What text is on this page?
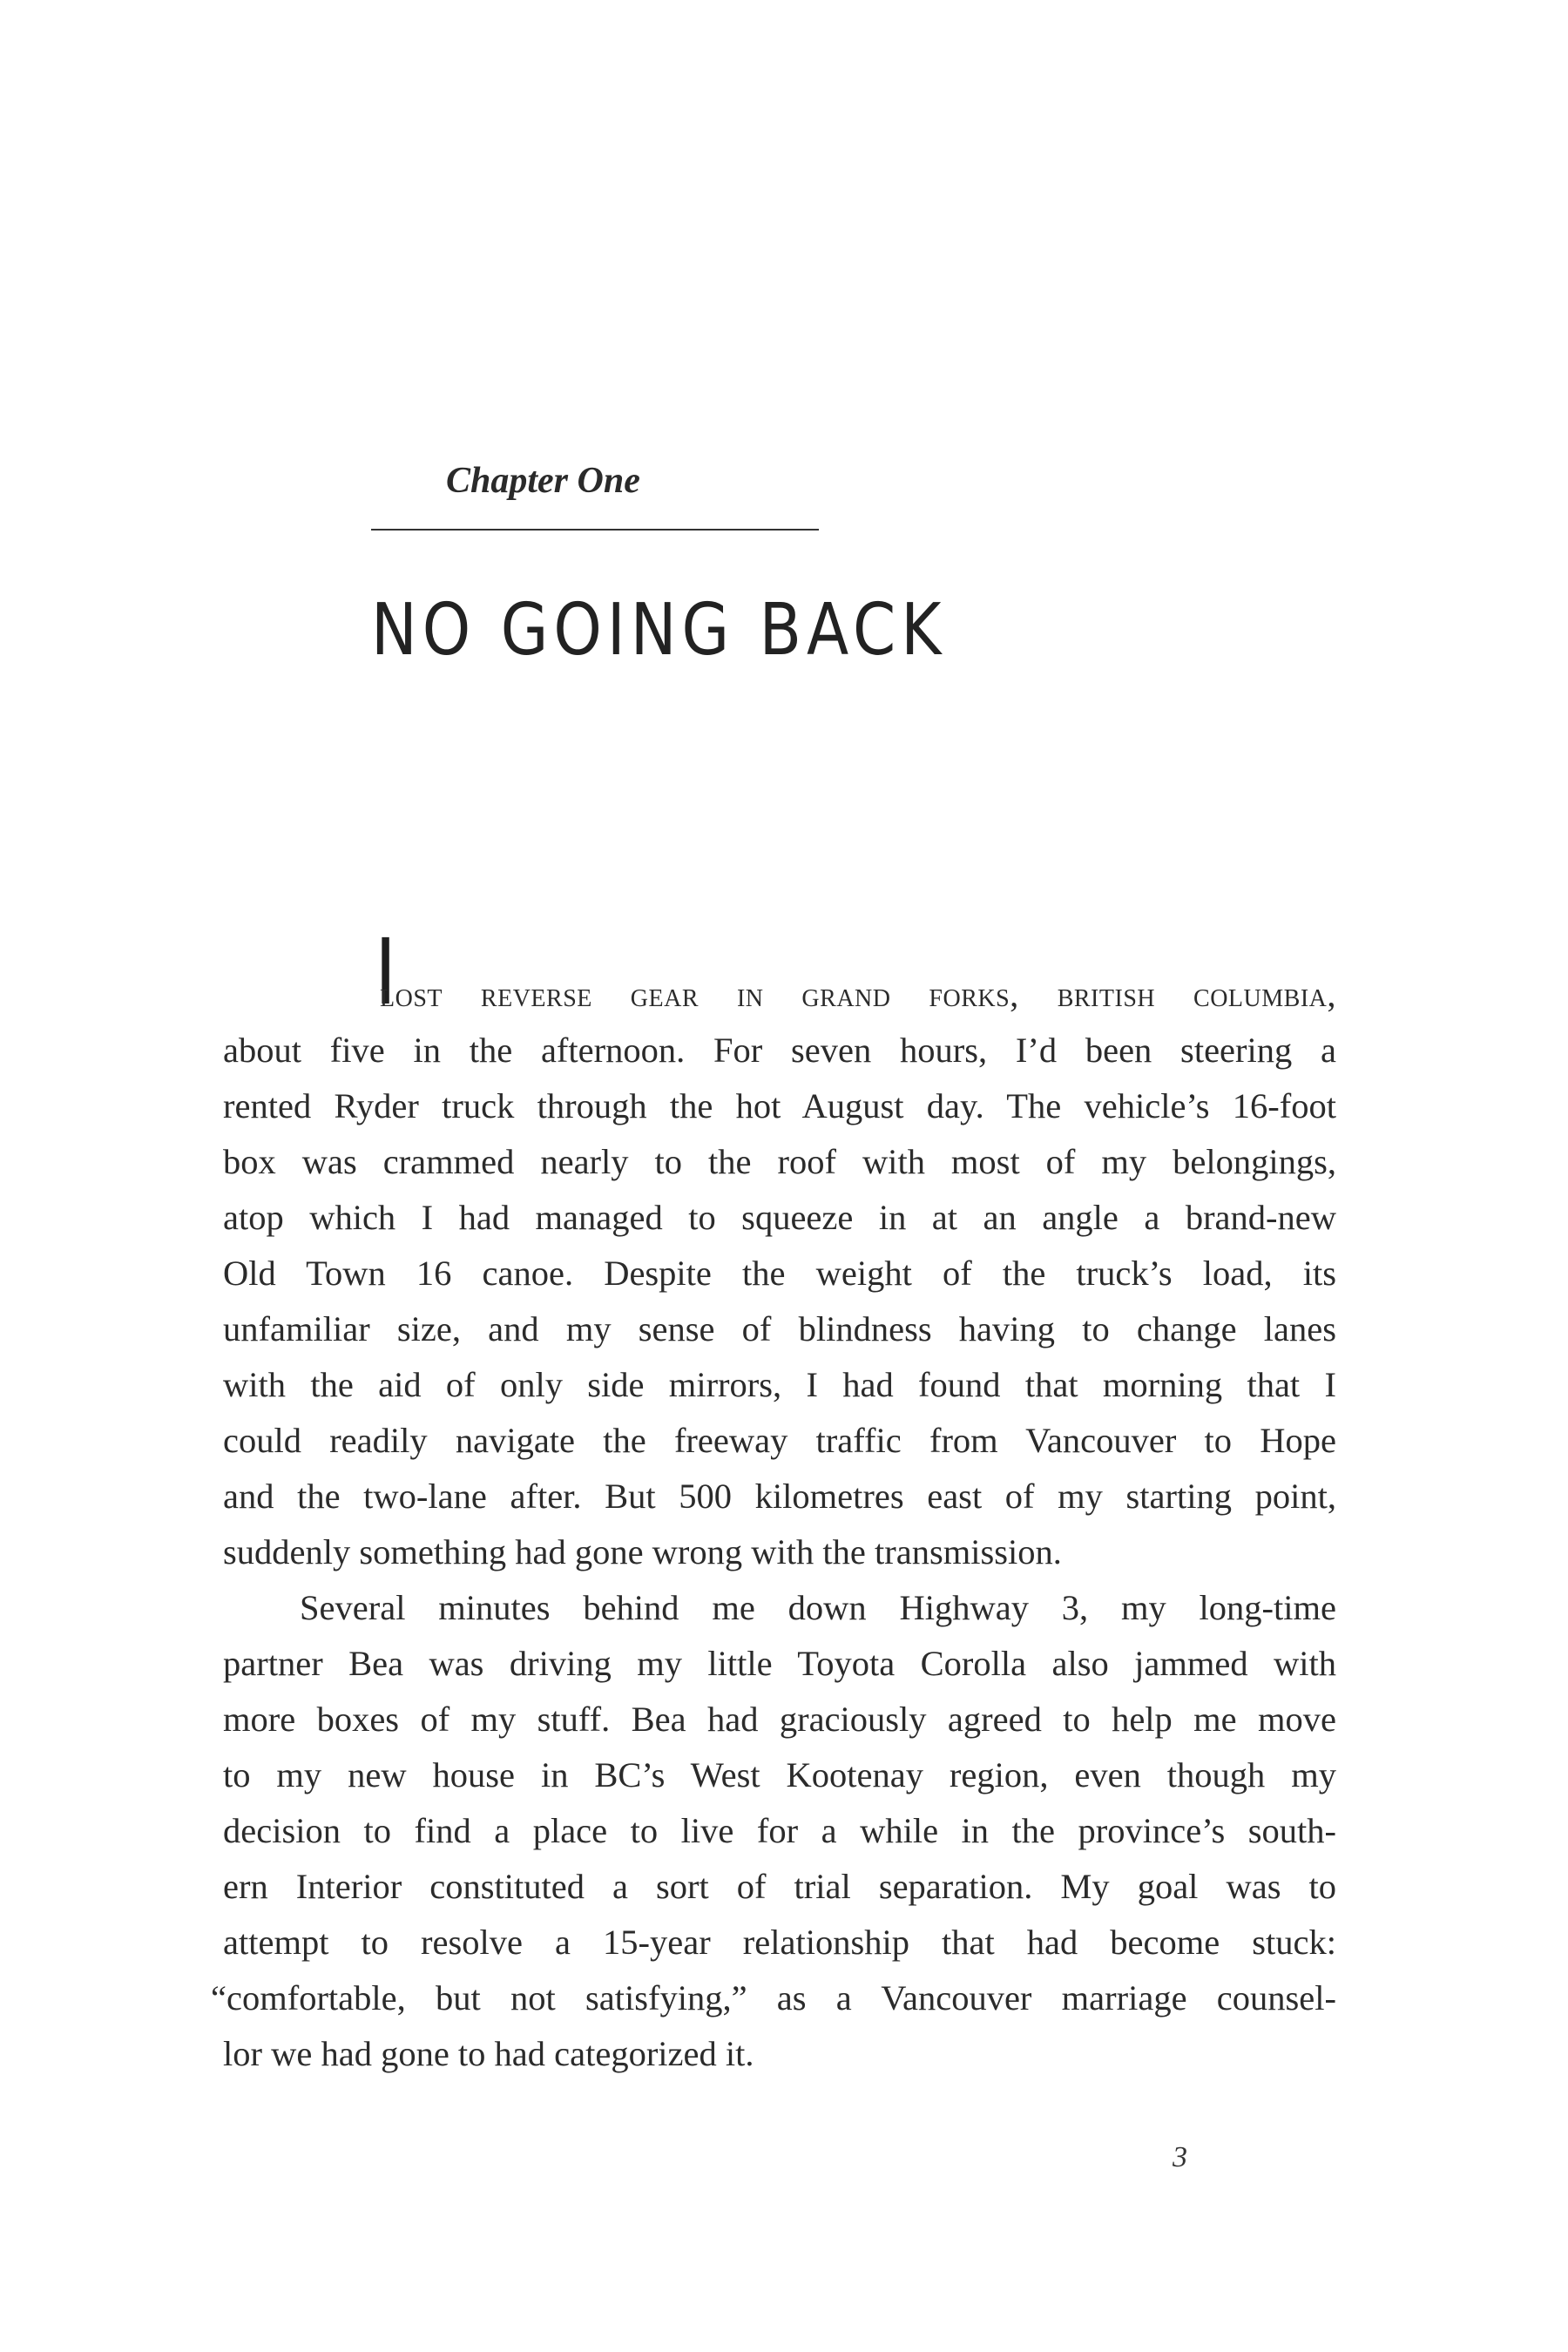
Chapter One
NO GOING BACK
I
lost reverse gear in grand forks, british columbia,
about five in the afternoon. For seven hours, I’d been steering a
rented Ryder truck through the hot August day. The vehicle’s 16-foot
box was crammed nearly to the roof with most of my belongings,
atop which I had managed to squeeze in at an angle a brand-new
Old Town 16 canoe. Despite the weight of the truck’s load, its
unfamiliar size, and my sense of blindness having to change lanes
with the aid of only side mirrors, I had found that morning that I
could readily navigate the freeway traffic from Vancouver to Hope
and the two-lane after. But 500 kilometres east of my starting point,
suddenly something had gone wrong with the transmission.
Several minutes behind me down Highway 3, my long-time
partner Bea was driving my little Toyota Corolla also jammed with
more boxes of my stuff. Bea had graciously agreed to help me move
to my new house in BC’s West Kootenay region, even though my
decision to find a place to live for a while in the province’s south-
ern Interior constituted a sort of trial separation. My goal was to
attempt to resolve a 15-year relationship that had become stuck:
“comfortable, but not satisfying,” as a Vancouver marriage counsel-
lor we had gone to had categorized it.
3
